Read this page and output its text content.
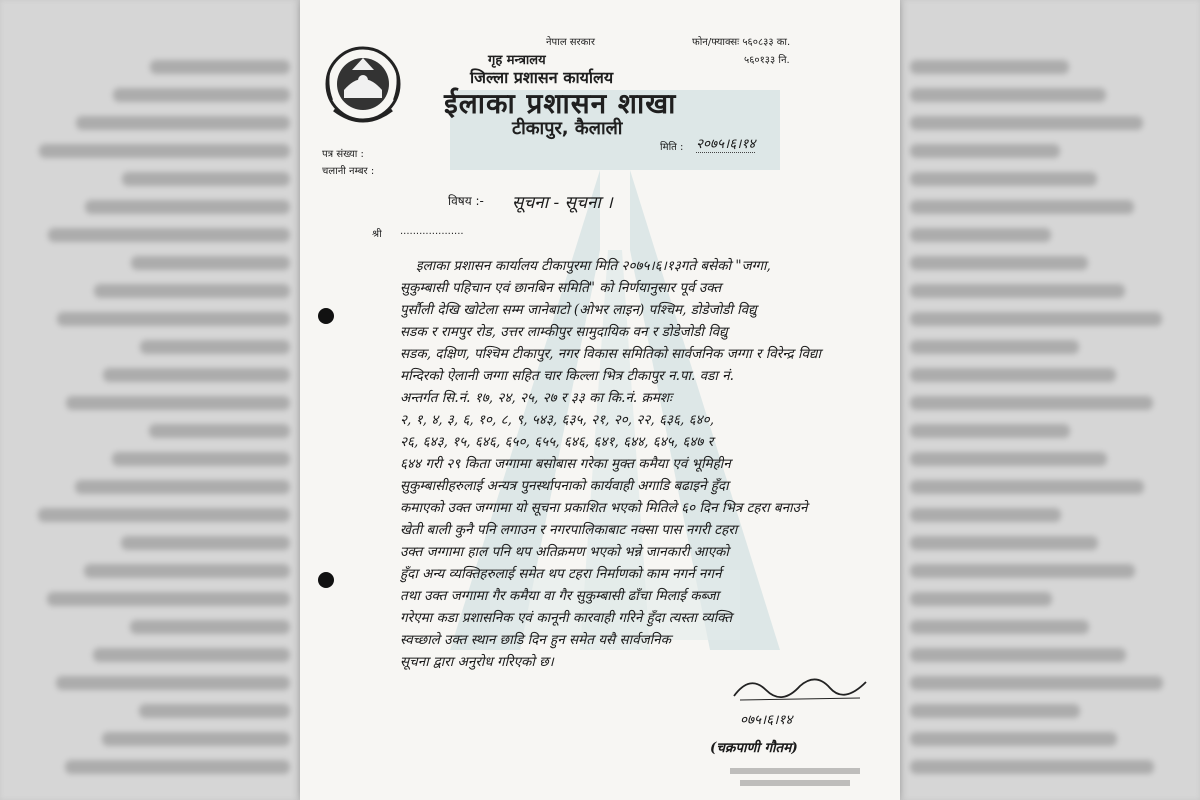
नेपाल सरकार	फोन/फ्याक्सः ५६०८३३ का.
५६०१३३ नि.
गृह मन्त्रालय
जिल्ला प्रशासन कार्यालय
ईलाका प्रशासन शाखा
टीकापुर, कैलाली
मिति : २०७५।६।१४
पत्र संख्या :
चलानी नम्बर :
विषय :- सूचना - सूचना ।
श्री ....................
इलाका प्रशासन कार्यालय टीकापुरमा मिति २०७५।६।१३गते बसेको "जग्गा,
सुकुम्बासी पहिचान एवं छानबिन समिति" को निर्णयानुसार पूर्व उक्त
पुर्सौली देखि खोटेला सम्म जानेबाटो (ओभर लाइन) पश्चिम, डोडेजोडी विद्यु
सडक र रामपुर रोड, उत्तर लाम्कीपुर सामुदायिक वन र डोडेजोडी विद्यु
सडक, दक्षिण, पश्चिम टीकापुर, नगर विकास समितिको सार्वजनिक जग्गा र विरेन्द्र विद्या
मन्दिरको ऐलानी जग्गा सहित चार किल्ला भित्र टीकापुर न.पा. वडा नं.
अन्तर्गत सि.नं. १७, २४, २५, २७ र ३३ का कि.नं. क्रमशः
२, १, ४, ३, ६, १०, ८, ९, ५४३, ६३५, २१, २०, २२, ६३६, ६४०,
२६, ६४३, १५, ६४६, ६५०, ६५५, ६४६, ६४१, ६४४, ६४५, ६४७ र
६४४ गरी २९ किता जग्गामा बसोबास गरेका मुक्त कमैया एवं भूमिहीन
सुकुम्बासीहरुलाई अन्यत्र पुनर्स्थापनाको कार्यवाही अगाडि बढाइने हुँदा
कमाएको उक्त जग्गामा यो सूचना प्रकाशित भएको मितिले ६० दिन भित्र टहरा बनाउने
खेती बाली कुनै पनि लगाउन र नगरपालिकाबाट नक्सा पास नगरी टहरा
उक्त जग्गामा हाल पनि थप अतिक्रमण भएको भन्ने जानकारी आएको
हुँदा अन्य व्यक्तिहरुलाई समेत थप टहरा निर्माणको काम नगर्न नगर्न
तथा उक्त जग्गामा गैर कमैया वा गैर सुकुम्बासी ढाँचा मिलाई कब्जा
गरेएमा कडा प्रशासनिक एवं कानूनी कारवाही गरिने हुँदा त्यस्ता व्यक्ति
स्वच्छाले उक्त स्थान छाडि दिन हुन समेत यसै सार्वजनिक
सूचना द्वारा अनुरोध गरिएको छ।
०७५।६।१४
(चक्रपाणी गौतम)
